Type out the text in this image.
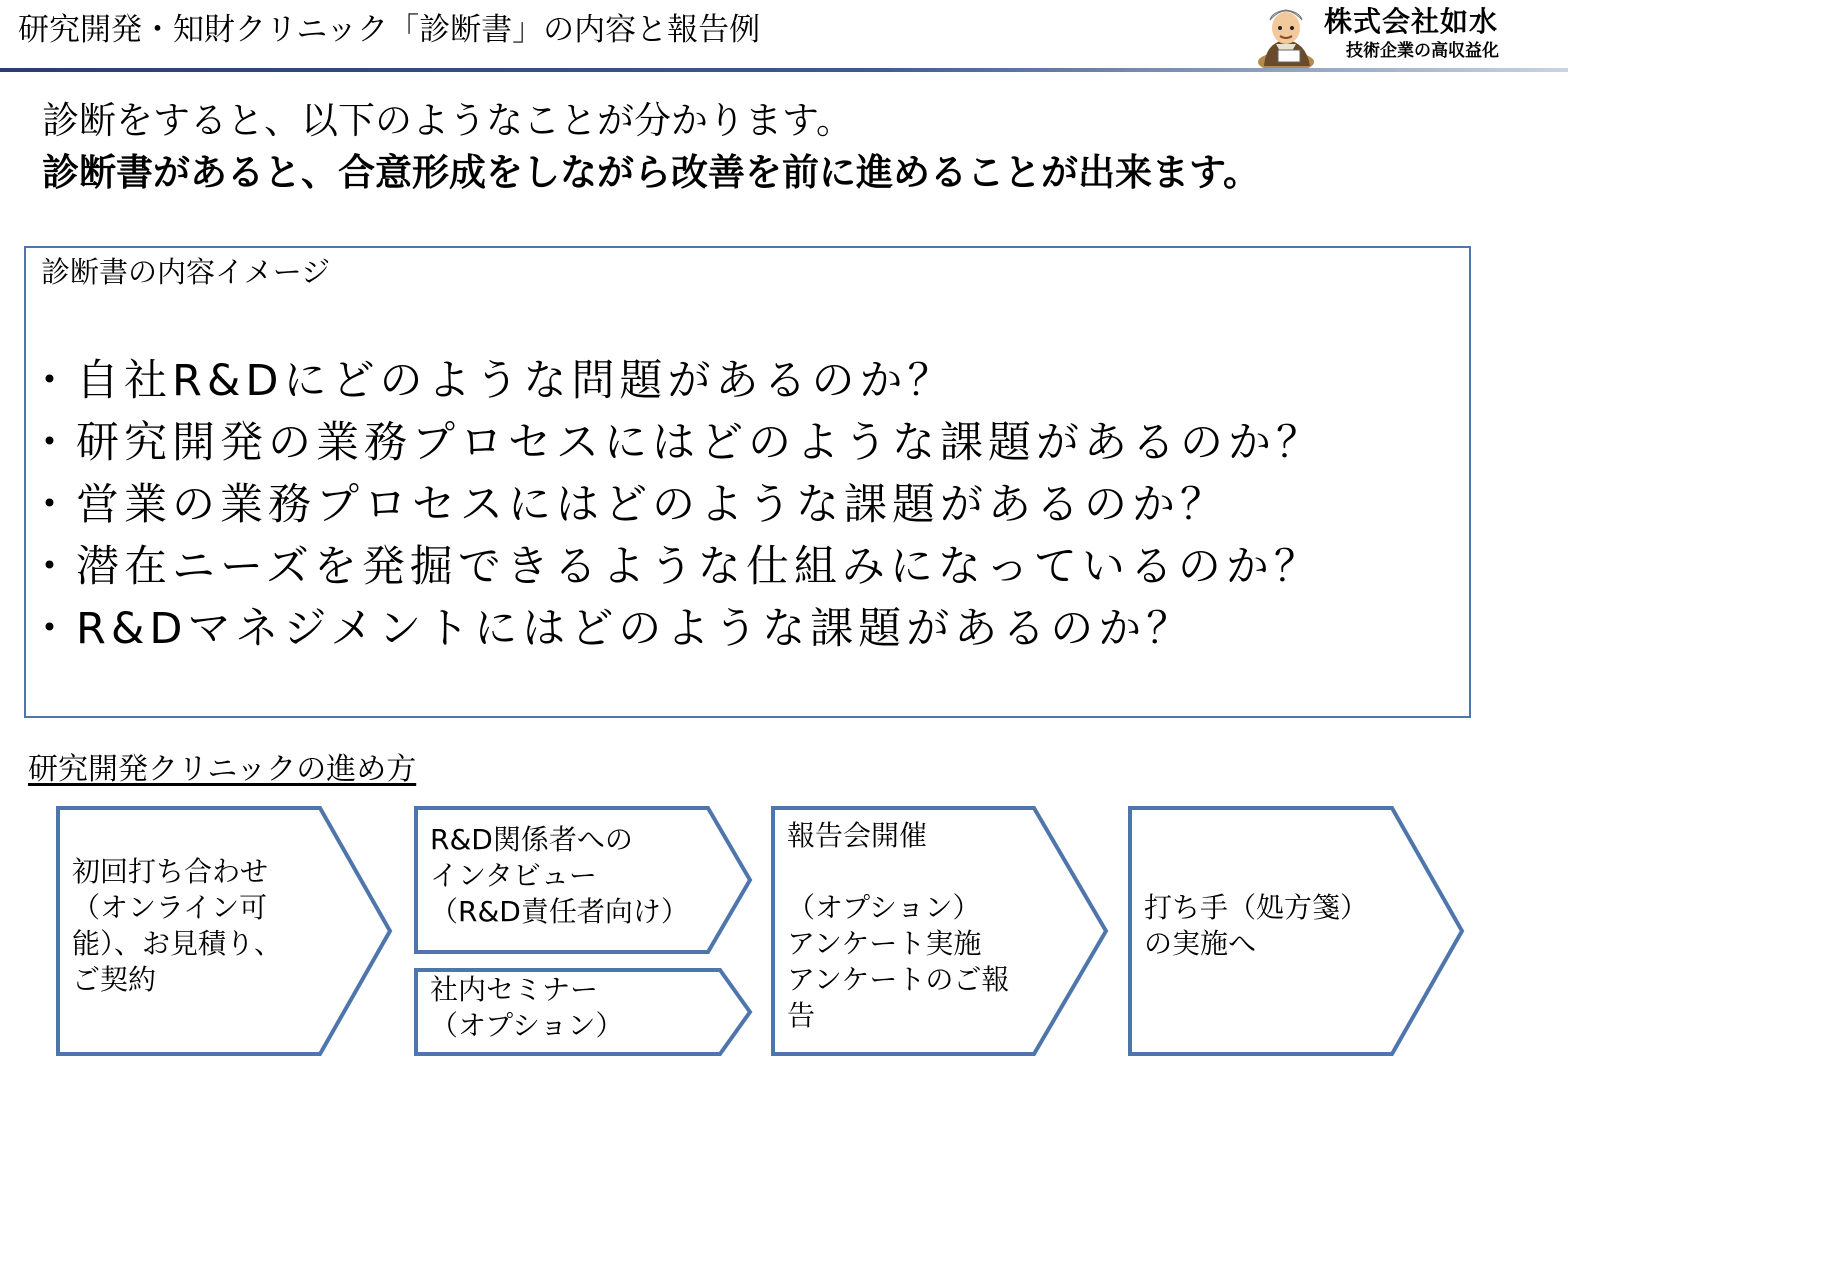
研究開発・知財クリニック「診断書」の内容と報告例	株式会社如水
技術企業の高収益化
診断をすると、以下のようなことが分かります。
診断書があると、合意形成をしながら改善を前に進めることが出来ます。
診断書の内容イメージ
・自社R&Dにどのような問題があるのか？
・研究開発の業務プロセスにはどのような課題があるのか？
・営業の業務プロセスにはどのような課題があるのか？
・潜在ニーズを発掘できるような仕組みになっているのか？
・R&Dマネジメントにはどのような課題があるのか？
研究開発クリニックの進め方
初回打ち合わせ
（オンライン可
能）、お見積り、
ご契約
R&D関係者への
インタビュー
（R&D責任者向け）
社内セミナー
（オプション）
報告会開催
（オプション）
アンケート実施
アンケートのご報
告
打ち手（処方箋）
の実施へ
